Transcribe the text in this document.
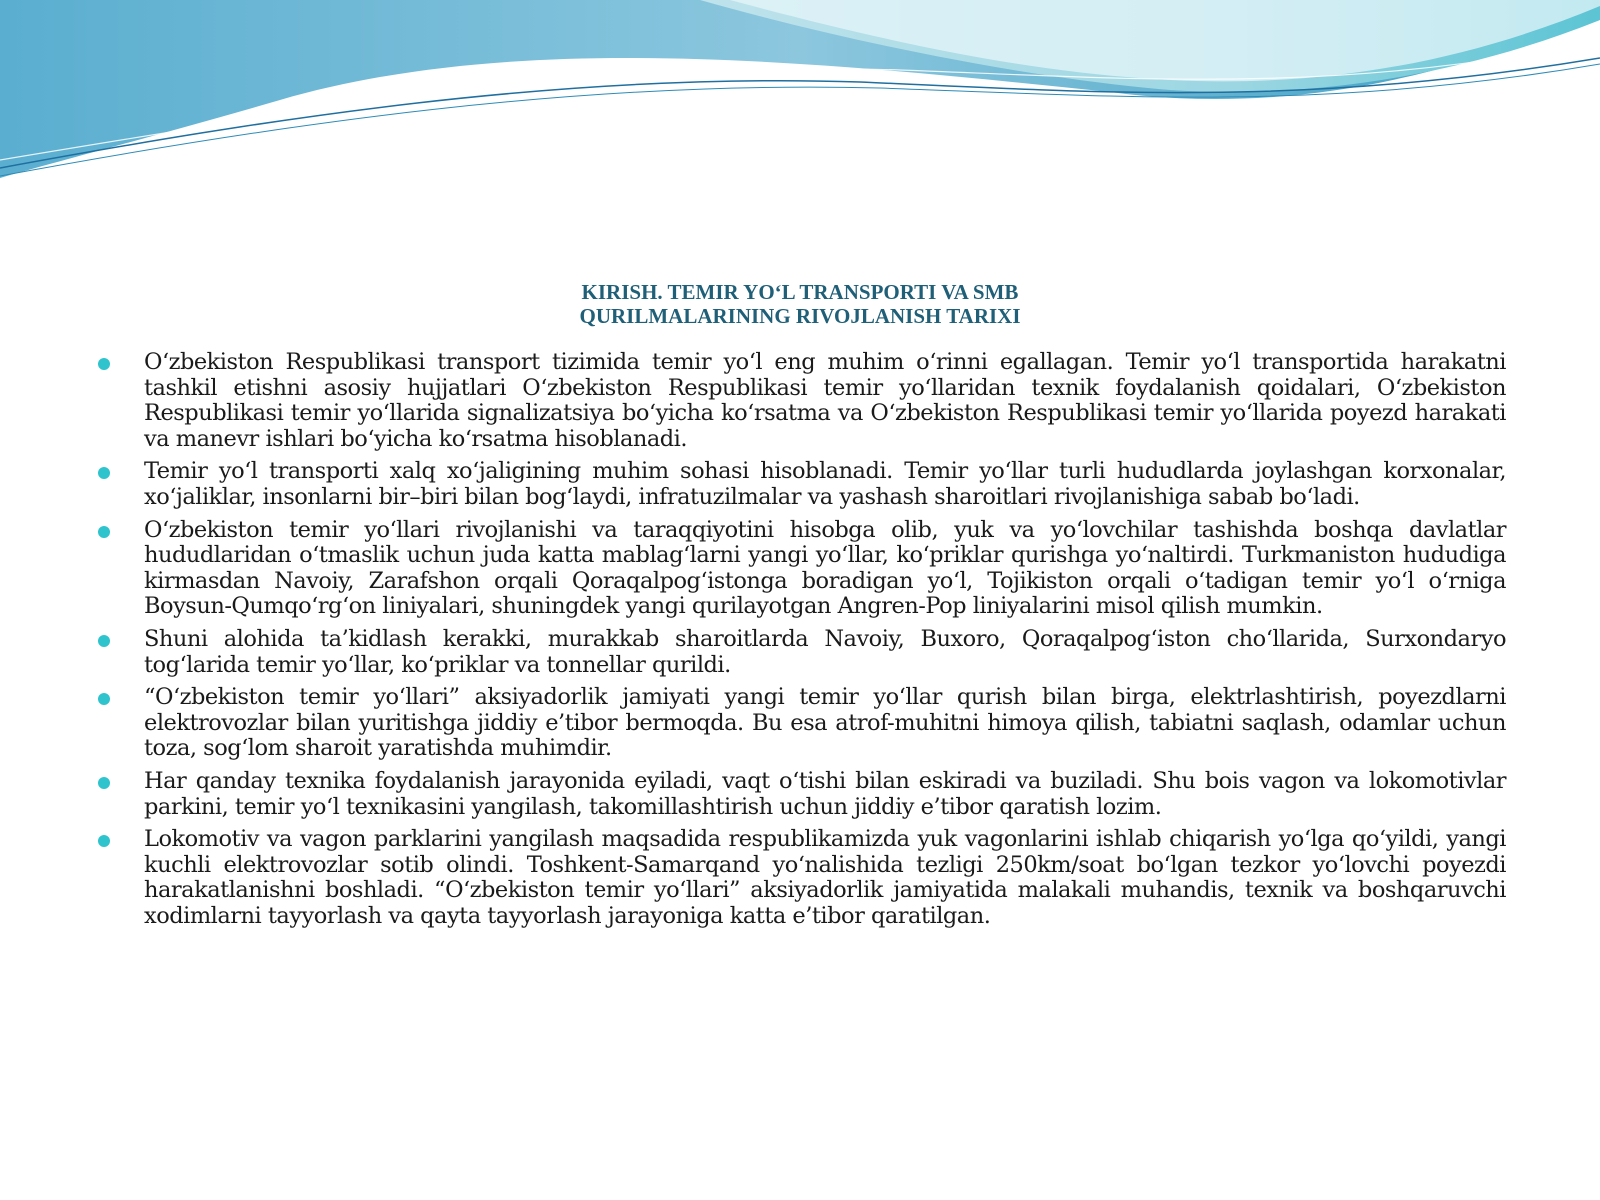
KIRISH. TEMIR YO‘L TRANSPORTI VA SMB
QURILMALARINING RIVOJLANISH TARIXI
O‘zbekiston Respublikasi transport tizimida temir yo‘l eng muhim o‘rinni egallagan. Temir yo‘l transportida harakatni tashkil etishni asosiy hujjatlari O‘zbekiston Respublikasi temir yo‘llaridan texnik foydalanish qoidalari, O‘zbekiston Respublikasi temir yo‘llarida signalizatsiya bo‘yicha ko‘rsatma va O‘zbekiston Respublikasi temir yo‘llarida poyezd harakati va manevr ishlari bo‘yicha ko‘rsatma hisoblanadi.
Temir yo‘l transporti xalq xo‘jaligining muhim sohasi hisoblanadi. Temir yo‘llar turli hududlarda joylashgan korxonalar, xo‘jaliklar, insonlarni bir–biri bilan bog‘laydi, infratuzilmalar va yashash sharoitlari rivojlanishiga sabab bo‘ladi.
O‘zbekiston temir yo‘llari rivojlanishi va taraqqiyotini hisobga olib, yuk va yo‘lovchilar tashishda boshqa davlatlar hududlaridan o‘tmaslik uchun juda katta mablag‘larni yangi yo‘llar, ko‘priklar qurishga yo‘naltirdi. Turkmaniston hududiga kirmasdan Navoiy, Zarafshon orqali Qoraqalpog‘istonga boradigan yo‘l, Tojikiston orqali o‘tadigan temir yo‘l o‘rniga Boysun-Qumqo‘rg‘on liniyalari, shuningdek yangi qurilayotgan Angren-Pop liniyalarini misol qilish mumkin.
Shuni alohida ta’kidlash kerakki, murakkab sharoitlarda Navoiy, Buxoro, Qoraqalpog‘iston cho‘llarida, Surxondaryo tog‘larida temir yo‘llar, ko‘priklar va tonnellar qurildi.
“O‘zbekiston temir yo‘llari” aksiyadorlik jamiyati yangi temir yo‘llar qurish bilan birga, elektrlashtirish, poyezdlarni elektrovozlar bilan yuritishga jiddiy e’tibor bermoqda. Bu esa atrof-muhitni himoya qilish, tabiatni saqlash, odamlar uchun toza, sog‘lom sharoit yaratishda muhimdir.
Har qanday texnika foydalanish jarayonida eyiladi, vaqt o‘tishi bilan eskiradi va buziladi. Shu bois vagon va lokomotivlar parkini, temir yo‘l texnikasini yangilash, takomillashtirish uchun jiddiy e’tibor qaratish lozim.
Lokomotiv va vagon parklarini yangilash maqsadida respublikamizda yuk vagonlarini ishlab chiqarish yo‘lga qo‘yildi, yangi kuchli elektrovozlar sotib olindi. Toshkent-Samarqand yo‘nalishida tezligi 250km/soat bo‘lgan tezkor yo‘lovchi poyezdi harakatlanishni boshladi. “O‘zbekiston temir yo‘llari” aksiyadorlik jamiyatida malakali muhandis, texnik va boshqaruvchi xodimlarni tayyorlash va qayta tayyorlash jarayoniga katta e’tibor qaratilgan.
